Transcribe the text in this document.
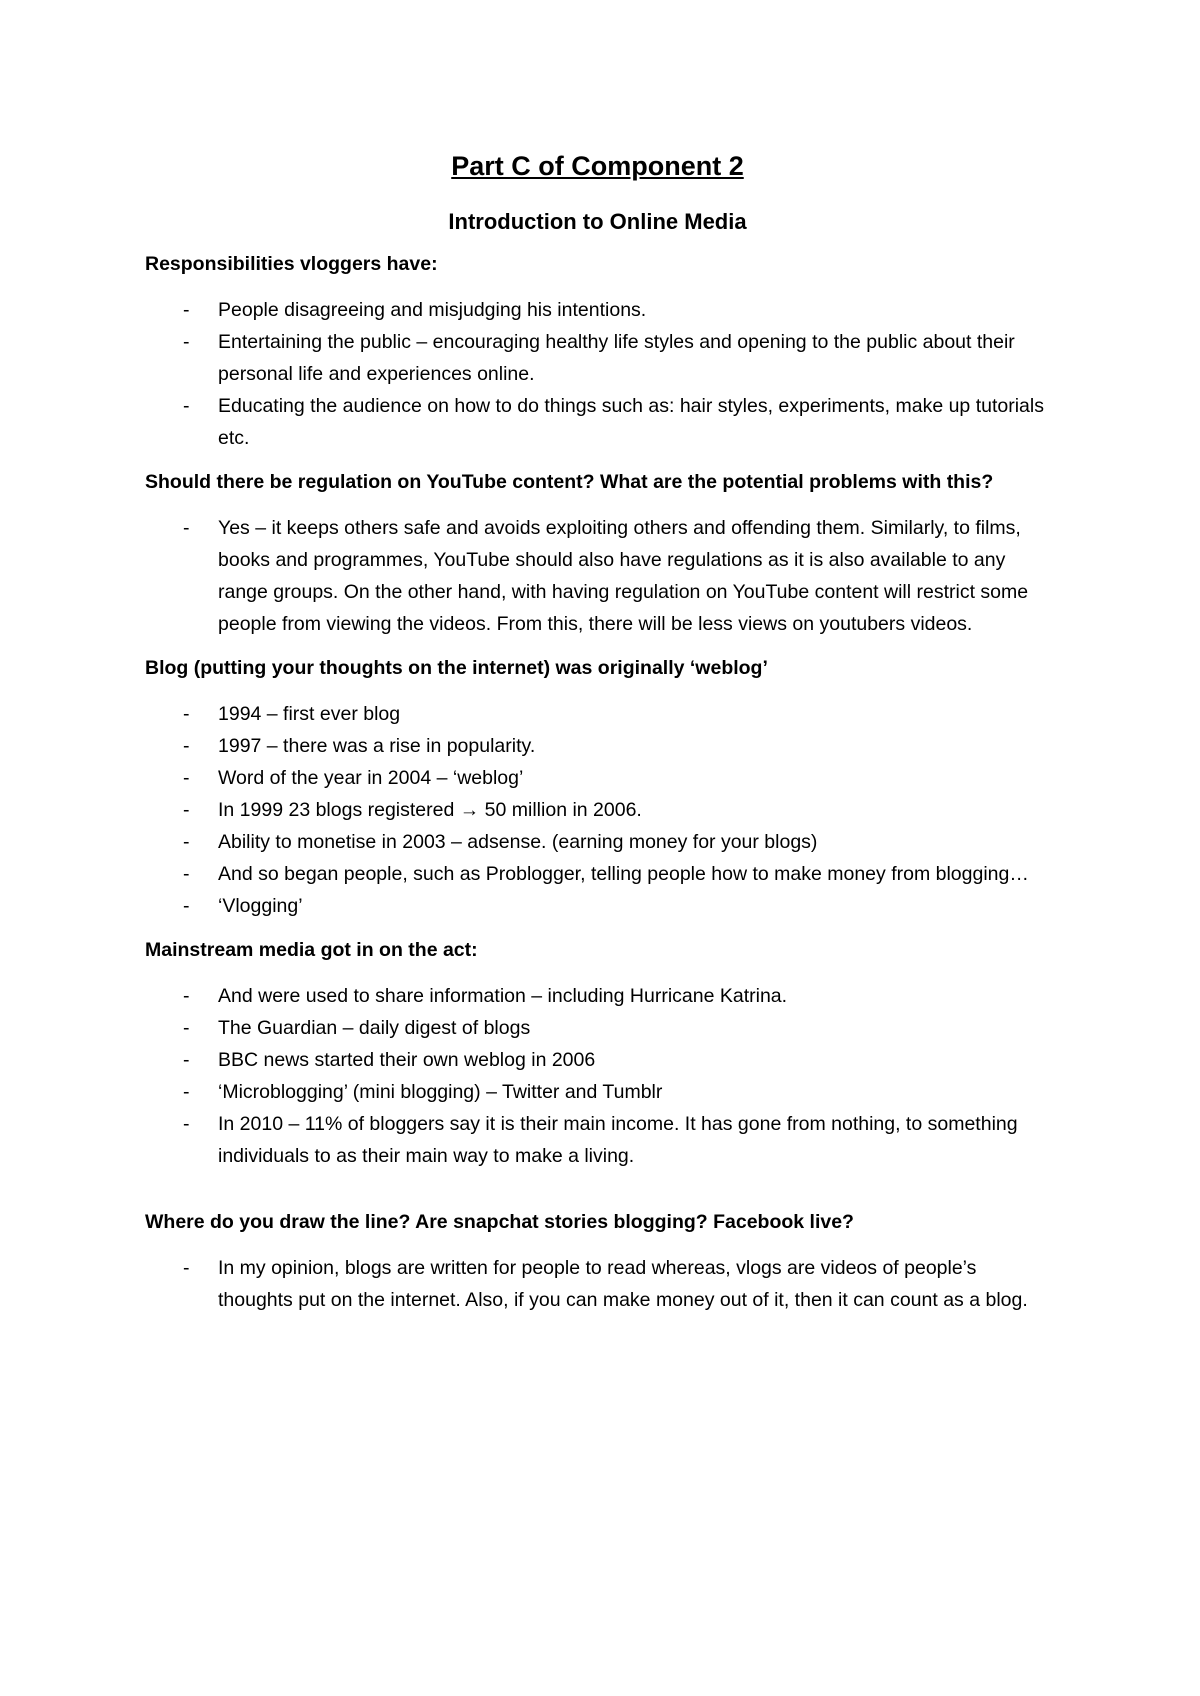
Part C of Component 2
Introduction to Online Media
Responsibilities vloggers have:
- People disagreeing and misjudging his intentions.
- Entertaining the public – encouraging healthy life styles and opening to the public about their personal life and experiences online.
- Educating the audience on how to do things such as: hair styles, experiments, make up tutorials etc.
Should there be regulation on YouTube content? What are the potential problems with this?
- Yes – it keeps others safe and avoids exploiting others and offending them. Similarly, to films, books and programmes, YouTube should also have regulations as it is also available to any range groups. On the other hand, with having regulation on YouTube content will restrict some people from viewing the videos. From this, there will be less views on youtubers videos.
Blog (putting your thoughts on the internet) was originally ‘weblog’
- 1994 – first ever blog
- 1997 – there was a rise in popularity.
- Word of the year in 2004 – ‘weblog’
- In 1999 23 blogs registered → 50 million in 2006.
- Ability to monetise in 2003 – adsense. (earning money for your blogs)
- And so began people, such as Problogger, telling people how to make money from blogging…
- ‘Vlogging’
Mainstream media got in on the act:
- And were used to share information – including Hurricane Katrina.
- The Guardian – daily digest of blogs
- BBC news started their own weblog in 2006
- ‘Microblogging’ (mini blogging) – Twitter and Tumblr
- In 2010 – 11% of bloggers say it is their main income. It has gone from nothing, to something individuals to as their main way to make a living.
Where do you draw the line? Are snapchat stories blogging? Facebook live?
- In my opinion, blogs are written for people to read whereas, vlogs are videos of people’s thoughts put on the internet. Also, if you can make money out of it, then it can count as a blog.
